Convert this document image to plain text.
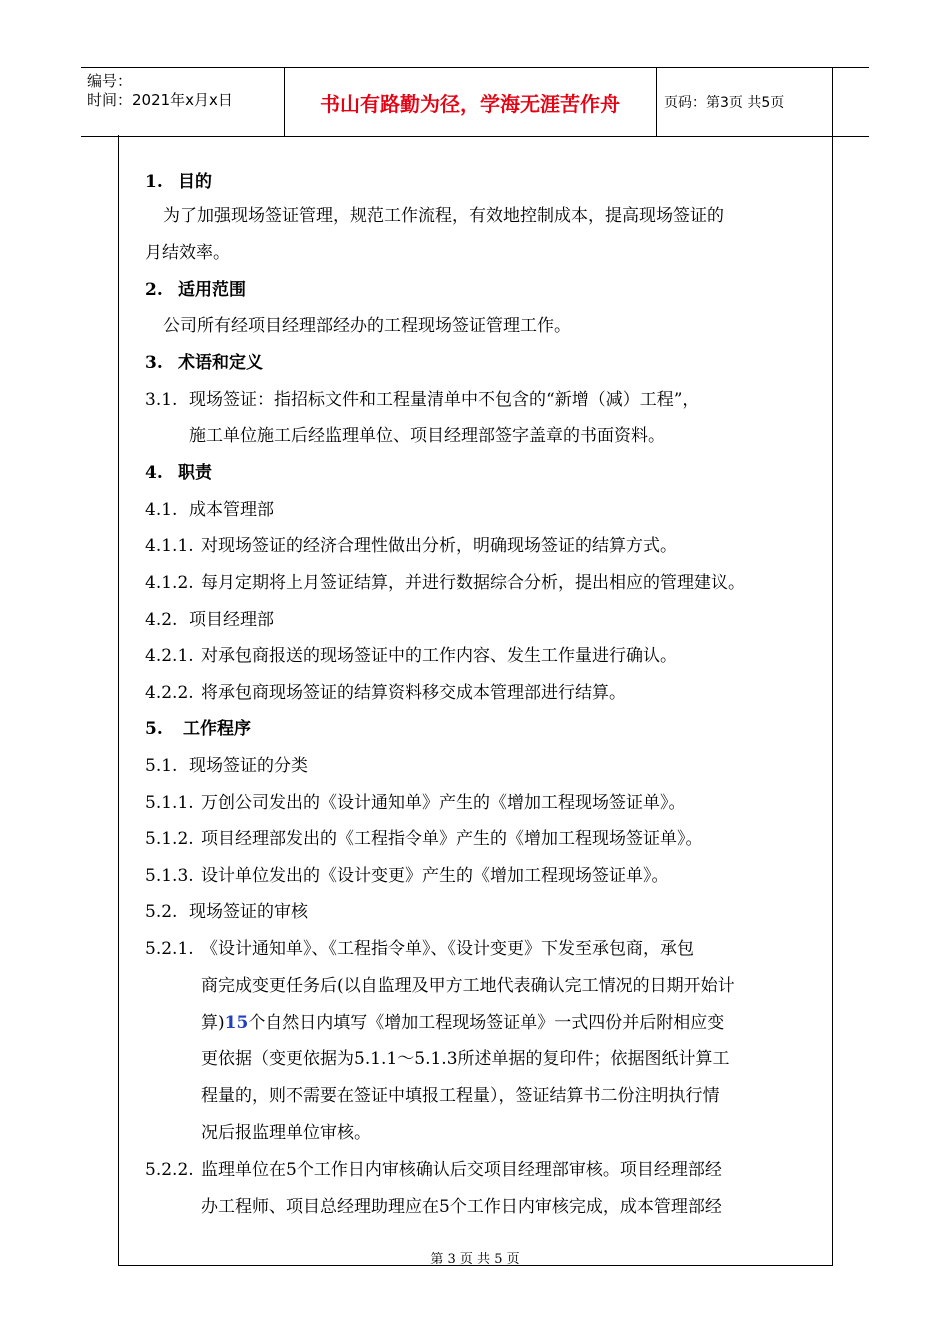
编号：
时间：2021年x月x日	书山有路勤为径，学海无涯苦作舟	页码：第3页 共5页
1. 目的
为了加强现场签证管理，规范工作流程，有效地控制成本，提高现场签证的
月结效率。
2. 适用范围
公司所有经项目经理部经办的工程现场签证管理工作。
3. 术语和定义
3.1. 现场签证：指招标文件和工程量清单中不包含的“新增（减）工程”，
施工单位施工后经监理单位、项目经理部签字盖章的书面资料。
4. 职责
4.1. 成本管理部
4.1.1. 对现场签证的经济合理性做出分析，明确现场签证的结算方式。
4.1.2. 每月定期将上月签证结算，并进行数据综合分析，提出相应的管理建议。
4.2. 项目经理部
4.2.1. 对承包商报送的现场签证中的工作内容、发生工作量进行确认。
4.2.2. 将承包商现场签证的结算资料移交成本管理部进行结算。
5. 工作程序
5.1. 现场签证的分类
5.1.1. 万创公司发出的《设计通知单》产生的《增加工程现场签证单》。
5.1.2. 项目经理部发出的《工程指令单》产生的《增加工程现场签证单》。
5.1.3. 设计单位发出的《设计变更》产生的《增加工程现场签证单》。
5.2. 现场签证的审核
5.2.1. 《设计通知单》、《工程指令单》、《设计变更》下发至承包商，承包
商完成变更任务后(以自监理及甲方工地代表确认完工情况的日期开始计
算)15个自然日内填写《增加工程现场签证单》一式四份并后附相应变
更依据（变更依据为5.1.1～5.1.3所述单据的复印件；依据图纸计算工
程量的，则不需要在签证中填报工程量），签证结算书二份注明执行情
况后报监理单位审核。
5.2.2. 监理单位在5个工作日内审核确认后交项目经理部审核。项目经理部经
办工程师、项目总经理助理应在5个工作日内审核完成，成本管理部经
第 3 页 共 5 页
